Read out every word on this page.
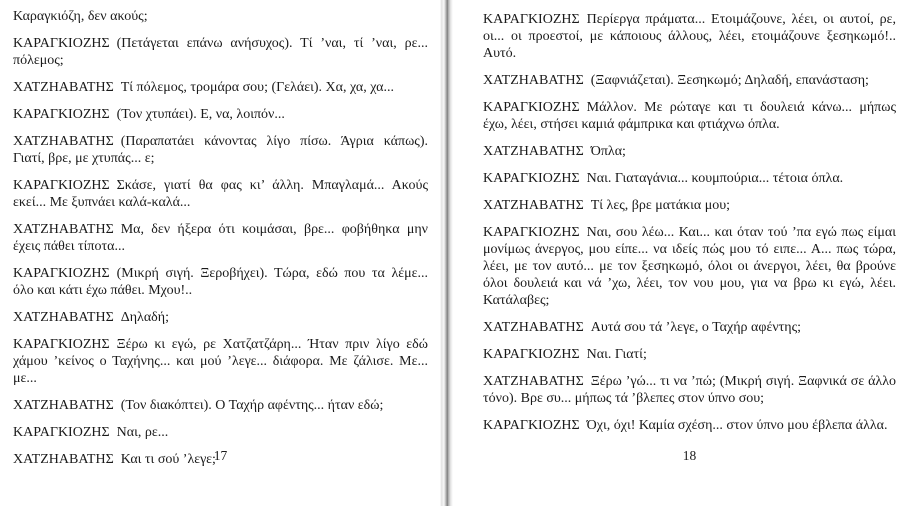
Καραγκιόζη, δεν ακούς;

ΚΑΡΑΓΚΙΟΖΗΣ (Πετάγεται επάνω ανήσυχος). Τί ’ναι, τί ’ναι, ρε... πόλεμος;

ΧΑΤΖΗΑΒΑΤΗΣ Τί πόλεμος, τρομάρα σου; (Γελάει). Χα, χα, χα...

ΚΑΡΑΓΚΙΟΖΗΣ (Τον χτυπάει). Ε, να, λοιπόν...

ΧΑΤΖΗΑΒΑΤΗΣ (Παραπατάει κάνοντας λίγο πίσω. Άγρια κάπως). Γιατί, βρε, με χτυπάς... ε;

ΚΑΡΑΓΚΙΟΖΗΣ Σκάσε, γιατί θα φας κι’ άλλη. Μπαγλαμά... Ακούς εκεί... Με ξυπνάει καλά-καλά...

ΧΑΤΖΗΑΒΑΤΗΣ Μα, δεν ήξερα ότι κοιμάσαι, βρε... φοβήθηκα μην έχεις πάθει τίποτα...

ΚΑΡΑΓΚΙΟΖΗΣ (Μικρή σιγή. Ξεροβήχει). Τώρα, εδώ που τα λέμε... όλο και κάτι έχω πάθει. Μχου!..

ΧΑΤΖΗΑΒΑΤΗΣ Δηλαδή;

ΚΑΡΑΓΚΙΟΖΗΣ Ξέρω κι εγώ, ρε Χατζατζάρη... Ήταν πριν λίγο εδώ χάμου ’κείνος ο Ταχήνης... και μού ’λεγε... διάφορα. Με ζάλισε. Με... με...

ΧΑΤΖΗΑΒΑΤΗΣ (Τον διακόπτει). Ο Ταχήρ αφέντης... ήταν εδώ;

ΚΑΡΑΓΚΙΟΖΗΣ Ναι, ρε...

ΧΑΤΖΗΑΒΑΤΗΣ Και τι σού ’λεγε;

17

ΚΑΡΑΓΚΙΟΖΗΣ Περίεργα πράματα... Ετοιμάζουνε, λέει, οι αυτοί, ρε, οι... οι προεστοί, με κάποιους άλλους, λέει, ετοιμάζουνε ξεσηκωμό!.. Αυτό.

ΧΑΤΖΗΑΒΑΤΗΣ (Ξαφνιάζεται). Ξεσηκωμό; Δηλαδή, επανάσταση;

ΚΑΡΑΓΚΙΟΖΗΣ Μάλλον. Με ρώταγε και τι δουλειά κάνω... μήπως έχω, λέει, στήσει καμιά φάμπρικα και φτιάχνω όπλα.

ΧΑΤΖΗΑΒΑΤΗΣ Όπλα;

ΚΑΡΑΓΚΙΟΖΗΣ Ναι. Γιαταγάνια... κουμπούρια... τέτοια όπλα.

ΧΑΤΖΗΑΒΑΤΗΣ Τί λες, βρε ματάκια μου;

ΚΑΡΑΓΚΙΟΖΗΣ Ναι, σου λέω... Και... και όταν τού ’πα εγώ πως είμαι μονίμως άνεργος, μου είπε... να ιδείς πώς μου τό ειπε... Α... πως τώρα, λέει, με τον αυτό... με τον ξεσηκωμό, όλοι οι άνεργοι, λέει, θα βρούνε όλοι δουλειά και νά ’χω, λέει, τον νου μου, για να βρω κι εγώ, λέει. Κατάλαβες;

ΧΑΤΖΗΑΒΑΤΗΣ Αυτά σου τά ’λεγε, ο Ταχήρ αφέντης;

ΚΑΡΑΓΚΙΟΖΗΣ Ναι. Γιατί;

ΧΑΤΖΗΑΒΑΤΗΣ Ξέρω ’γώ... τι να ’πώ; (Μικρή σιγή. Ξαφνικά σε άλλο τόνο). Βρε συ... μήπως τά ’βλεπες στον ύπνο σου;

ΚΑΡΑΓΚΙΟΖΗΣ Όχι, όχι! Καμία σχέση... στον ύπνο μου έβλεπα άλλα.

18
